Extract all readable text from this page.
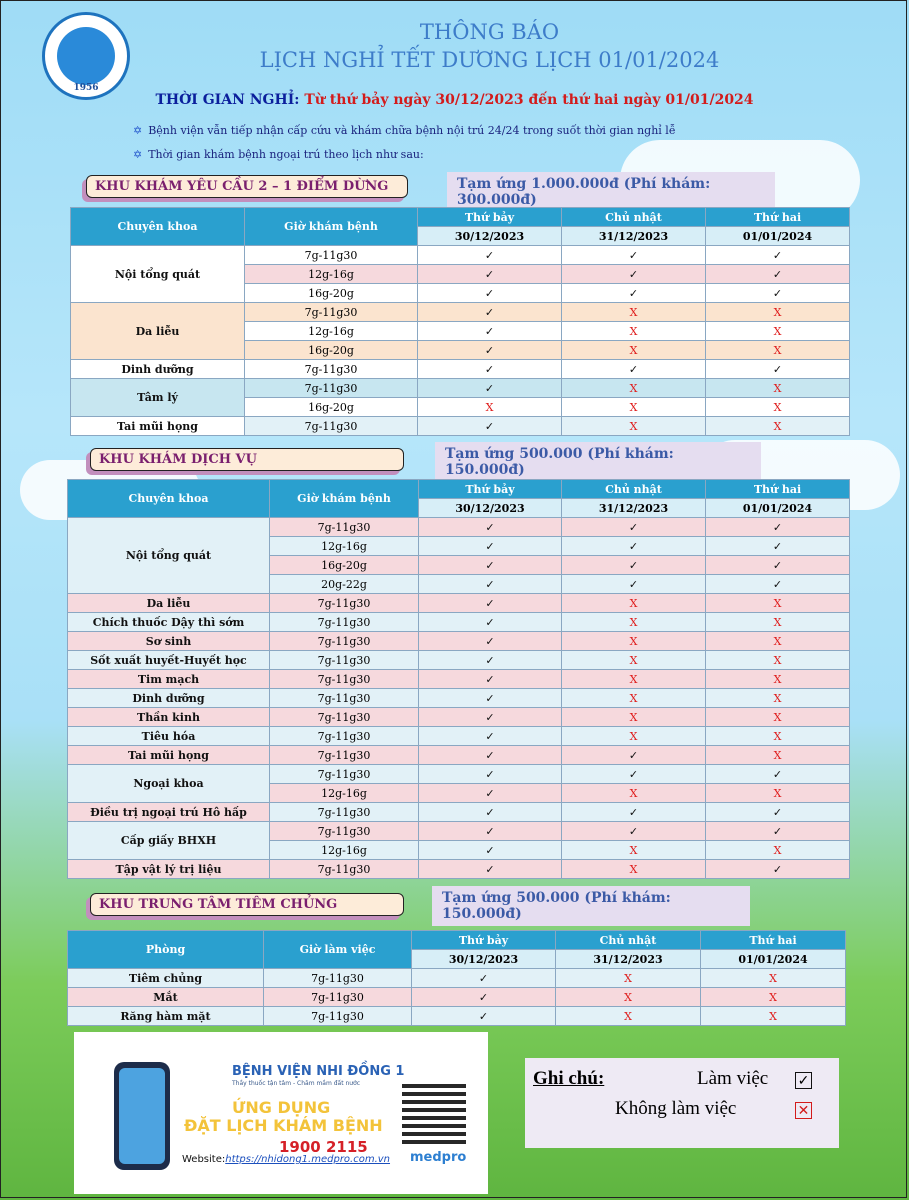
1956
THÔNG BÁO
LỊCH NGHỈ TẾT DƯƠNG LỊCH 01/01/2024
THỜI GIAN NGHỈ: Từ thứ bảy ngày 30/12/2023 đến thứ hai ngày 01/01/2024
✡ Bệnh viện vẫn tiếp nhận cấp cứu và khám chữa bệnh nội trú 24/24 trong suốt thời gian nghỉ lễ
✡ Thời gian khám bệnh ngoại trú theo lịch như sau:
KHU KHÁM YÊU CẦU 2 – 1 ĐIỂM DỪNG	Tạm ứng 1.000.000đ (Phí khám: 300.000đ)
Chuyên khoa	Giờ khám bệnh	Thứ bảy	Chủ nhật	Thứ hai
		30/12/2023	31/12/2023	01/01/2024
Nội tổng quát	7g-11g30	✓	✓	✓
	12g-16g	✓	✓	✓
	16g-20g	✓	✓	✓
Da liễu	7g-11g30	✓	X	X
	12g-16g	✓	X	X
	16g-20g	✓	X	X
Dinh dưỡng	7g-11g30	✓	✓	✓
Tâm lý	7g-11g30	✓	X	X
	16g-20g	X	X	X
Tai mũi họng	7g-11g30	✓	X	X
KHU KHÁM DỊCH VỤ	Tạm ứng 500.000 (Phí khám: 150.000đ)
Chuyên khoa	Giờ khám bệnh	Thứ bảy	Chủ nhật	Thứ hai
		30/12/2023	31/12/2023	01/01/2024
Nội tổng quát	7g-11g30	✓	✓	✓
	12g-16g	✓	✓	✓
	16g-20g	✓	✓	✓
	20g-22g	✓	✓	✓
Da liễu	7g-11g30	✓	X	X
Chích thuốc Dậy thì sớm	7g-11g30	✓	X	X
Sơ sinh	7g-11g30	✓	X	X
Sốt xuất huyết-Huyết học	7g-11g30	✓	X	X
Tim mạch	7g-11g30	✓	X	X
Dinh dưỡng	7g-11g30	✓	X	X
Thần kinh	7g-11g30	✓	X	X
Tiêu hóa	7g-11g30	✓	X	X
Tai mũi họng	7g-11g30	✓	✓	X
Ngoại khoa	7g-11g30	✓	✓	✓
	12g-16g	✓	X	X
Điều trị ngoại trú Hô hấp	7g-11g30	✓	✓	✓
Cấp giấy BHXH	7g-11g30	✓	✓	✓
	12g-16g	✓	X	X
Tập vật lý trị liệu	7g-11g30	✓	X	✓
KHU TRUNG TÂM TIÊM CHỦNG	Tạm ứng 500.000 (Phí khám: 150.000đ)
Phòng	Giờ làm việc	Thứ bảy	Chủ nhật	Thứ hai
		30/12/2023	31/12/2023	01/01/2024
Tiêm chủng	7g-11g30	✓	X	X
Mắt	7g-11g30	✓	X	X
Răng hàm mặt	7g-11g30	✓	X	X
BỆNH VIỆN NHI ĐỒNG 1
Thầy thuốc tận tâm - Chăm mầm đất nước
ỨNG DỤNG
ĐẶT LỊCH KHÁM BỆNH
1900 2115
Website:https://nhidong1.medpro.com.vn medpro
Ghi chú:	Làm việc ✓
Không làm việc	✕
